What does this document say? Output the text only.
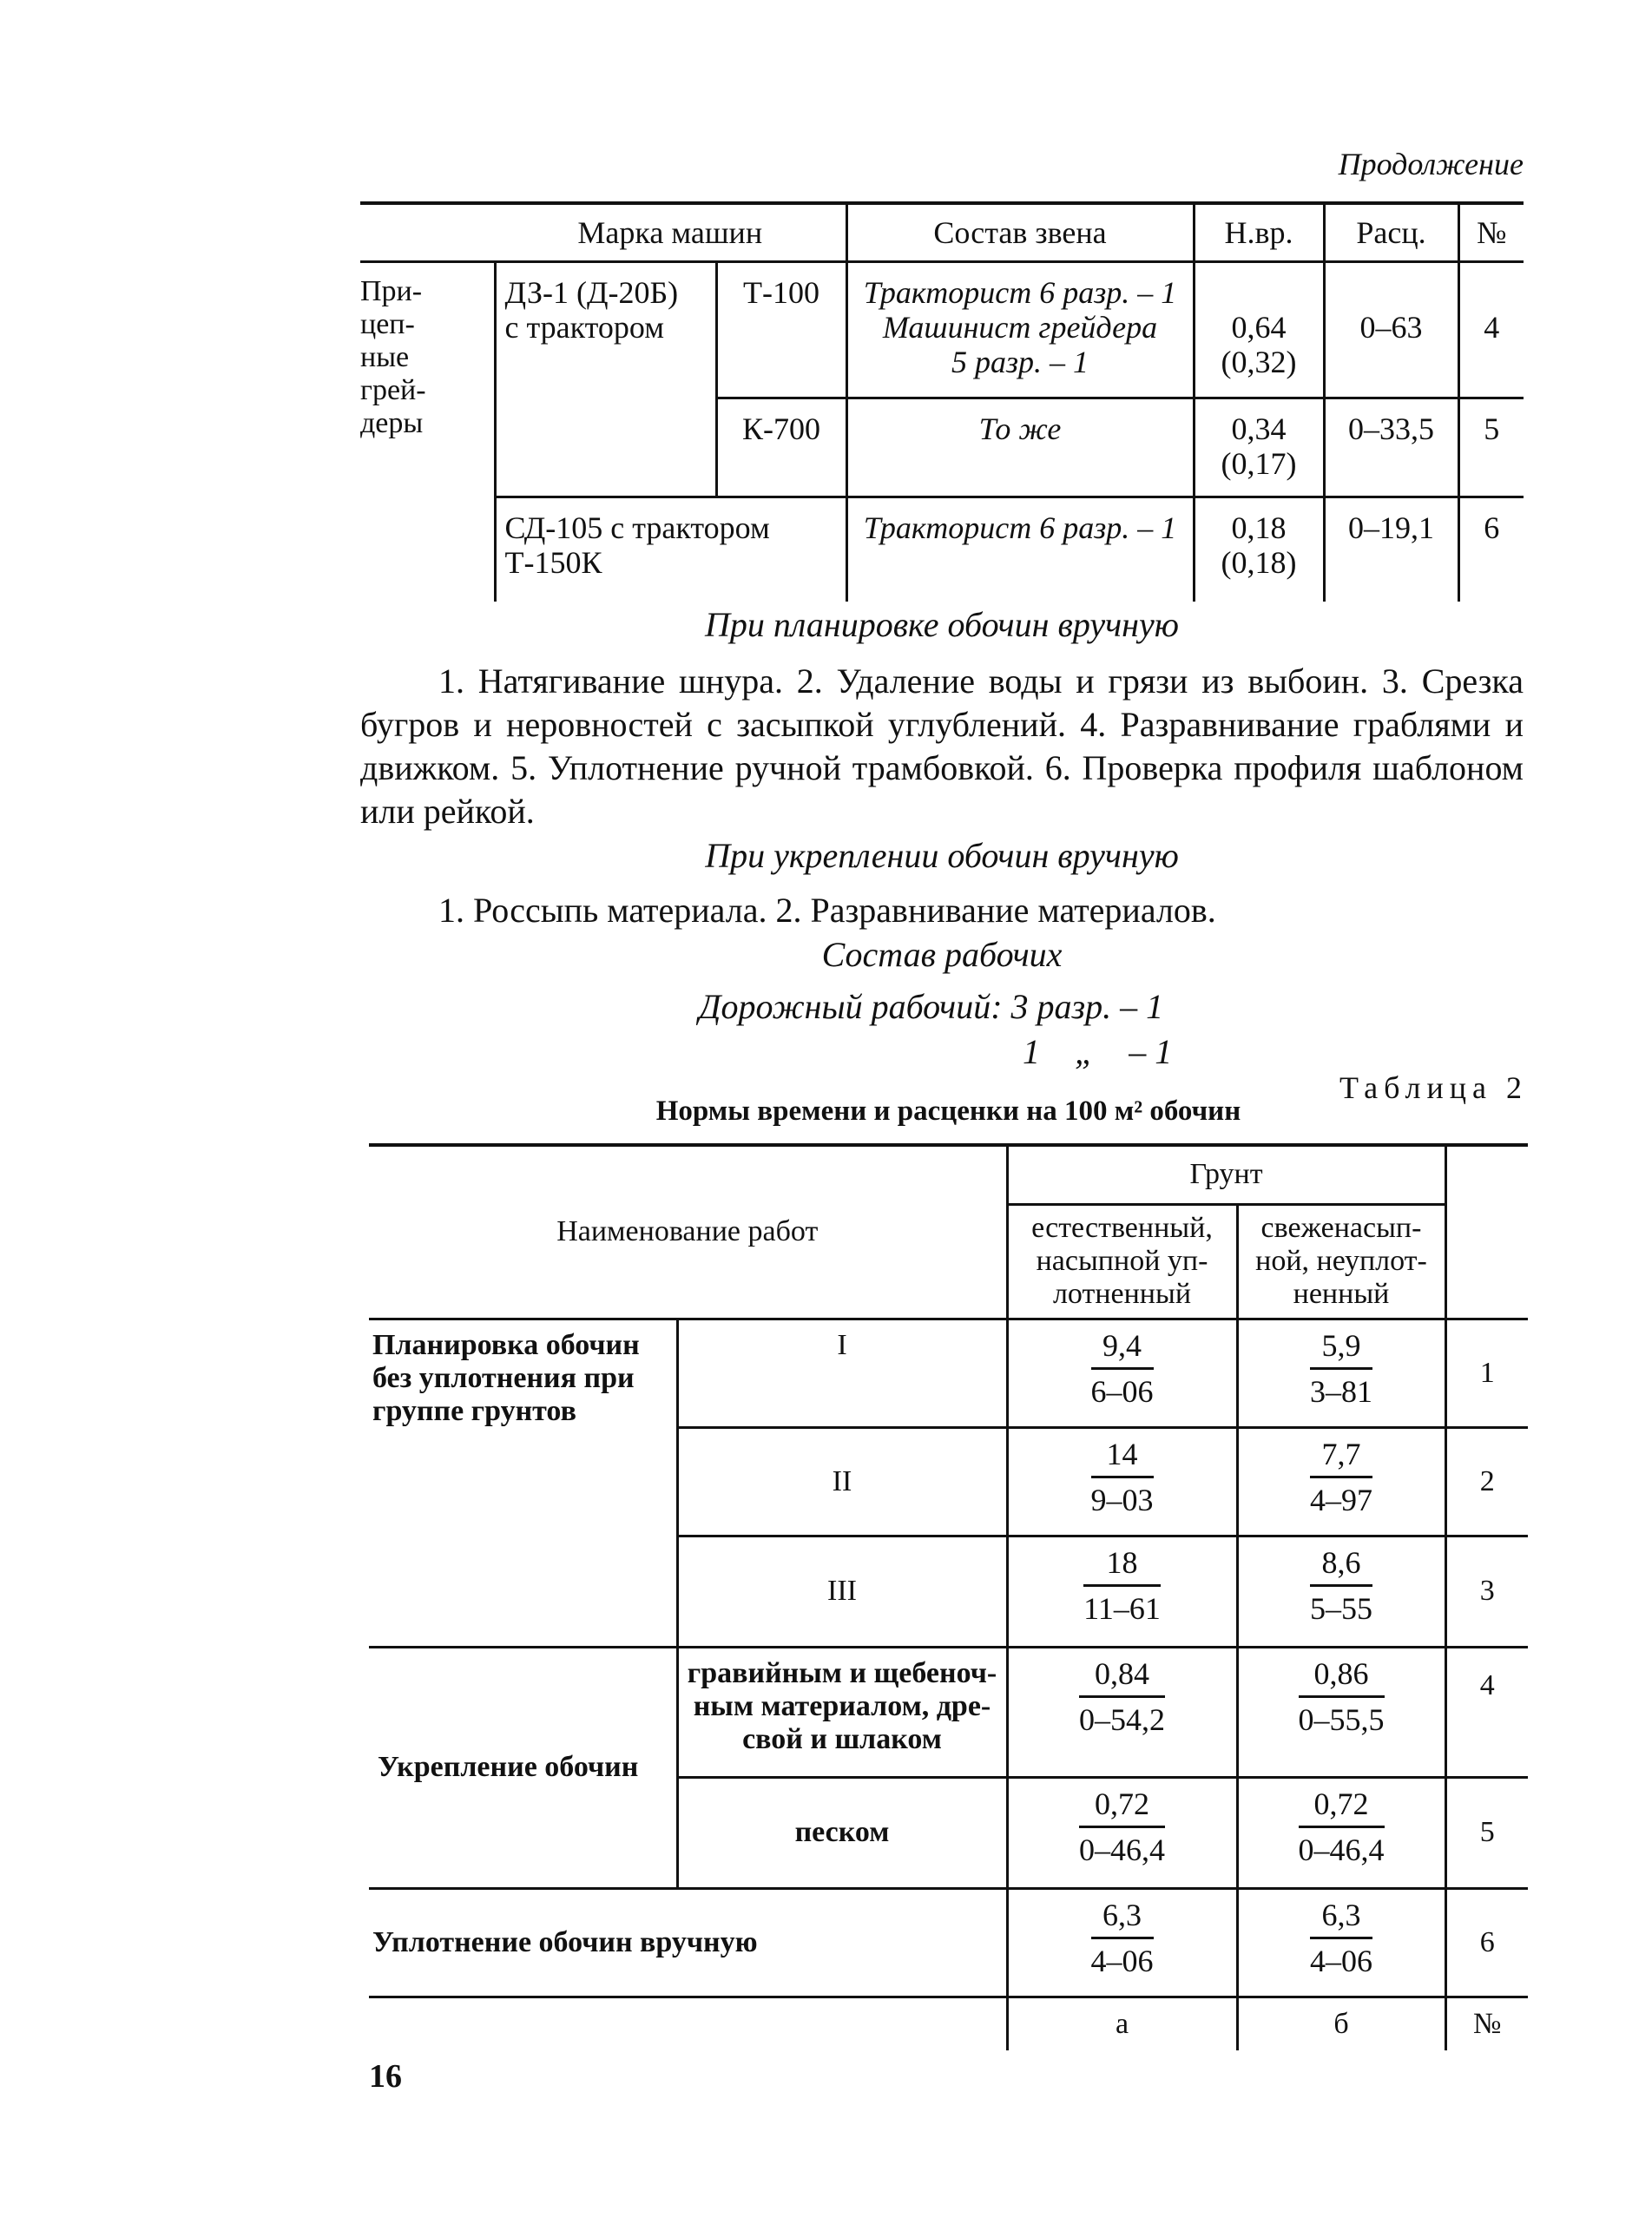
Продолжение
	Марка машин		Состав звена	Н.вр.	Расц.	№
При-
цеп-
ные
грей-
деры	ДЗ-1 (Д-20Б)
с трактором	Т-100	Тракторист 6 разр. – 1
Машинист грейдера
5 разр. – 1	0,64
(0,32)	0–63	4
		К-700	То же	0,34
(0,17)	0–33,5	5
	СД-105 с трактором
Т-150К		Тракторист 6 разр. – 1	0,18
(0,18)	0–19,1	6
При планировке обочин вручную
1. Натягивание шнура. 2. Удаление воды и грязи из выбоин. 3. Срезка бугров и неровностей с засыпкой углублений. 4. Разравнивание граблями и движком. 5. Уплотнение ручной трамбовкой. 6. Проверка профиля шаблоном или рейкой.
При укреплении обочин вручную
1. Россыпь материала. 2. Разравнивание материалов.
Состав рабочих
Дорожный рабочий: 3 разр. – 1
1    „    – 1
Таблица 2
Нормы времени и расценки на 100 м² обочин
Наименование работ		Грунт		
		естественный,
насыпной уп-
лотненный	свеженасып-
ной, неуплот-
ненный	
Планировка обочин
без уплотнения при
группе грунтов	I	$\frac{9,4}{6-06}$	$\frac{5,9}{3-81}$	1
	II	$\frac{14}{9-03}$	$\frac{7,7}{4-97}$	2
	III	$\frac{18}{11-61}$	$\frac{8,6}{5-55}$	3
Укрепление обочин	гравийным и щебеноч-
ным материалом, дре-
свой и шлаком	$\frac{0,84}{0-54,2}$	$\frac{0,86}{0-55,5}$	4
	песком	$\frac{0,72}{0-46,4}$	$\frac{0,72}{0-46,4}$	5
Уплотнение обочин вручную		$\frac{6,3}{4-06}$	$\frac{6,3}{4-06}$	6
		а	б	№
16
